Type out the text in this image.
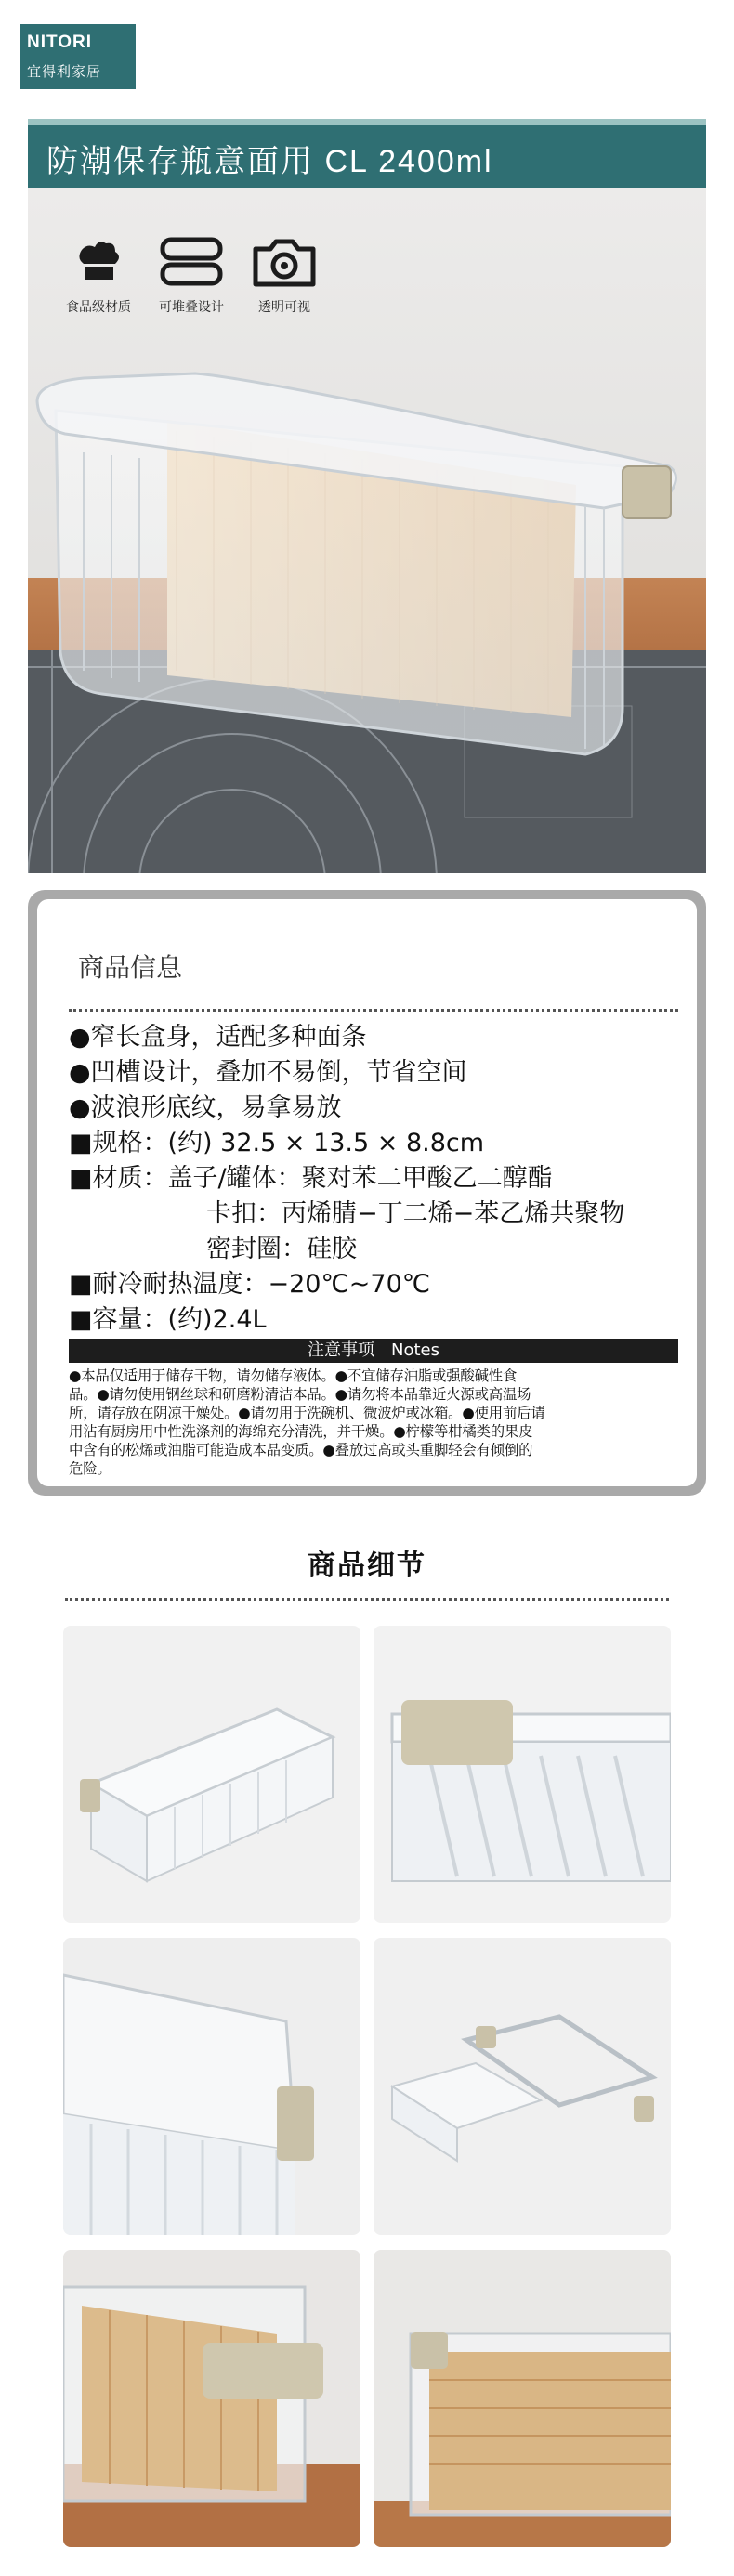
NITORI
宜得利家居
防潮保存瓶意面用 CL 2400ml
食品级材质	可堆叠设计	透明可视
商品信息
●窄长盒身，适配多种面条
●凹槽设计，叠加不易倒，节省空间
●波浪形底纹，易拿易放
■规格：(约) 32.5 × 13.5 × 8.8cm
■材质：盖子/罐体：聚对苯二甲酸乙二醇酯
卡扣：丙烯腈−丁二烯−苯乙烯共聚物
密封圈：硅胶
■耐冷耐热温度：−20℃~70℃
■容量：(约)2.4L
注意事项　Notes
●本品仅适用于储存干物，请勿储存液体。●不宜储存油脂或强酸碱性食
品。●请勿使用钢丝球和研磨粉清洁本品。●请勿将本品靠近火源或高温场
所，请存放在阴凉干燥处。●请勿用于洗碗机、微波炉或冰箱。●使用前后请
用沾有厨房用中性洗涤剂的海绵充分清洗，并干燥。●柠檬等柑橘类的果皮
中含有的松烯或油脂可能造成本品变质。●叠放过高或头重脚轻会有倾倒的
危险。
商品细节
